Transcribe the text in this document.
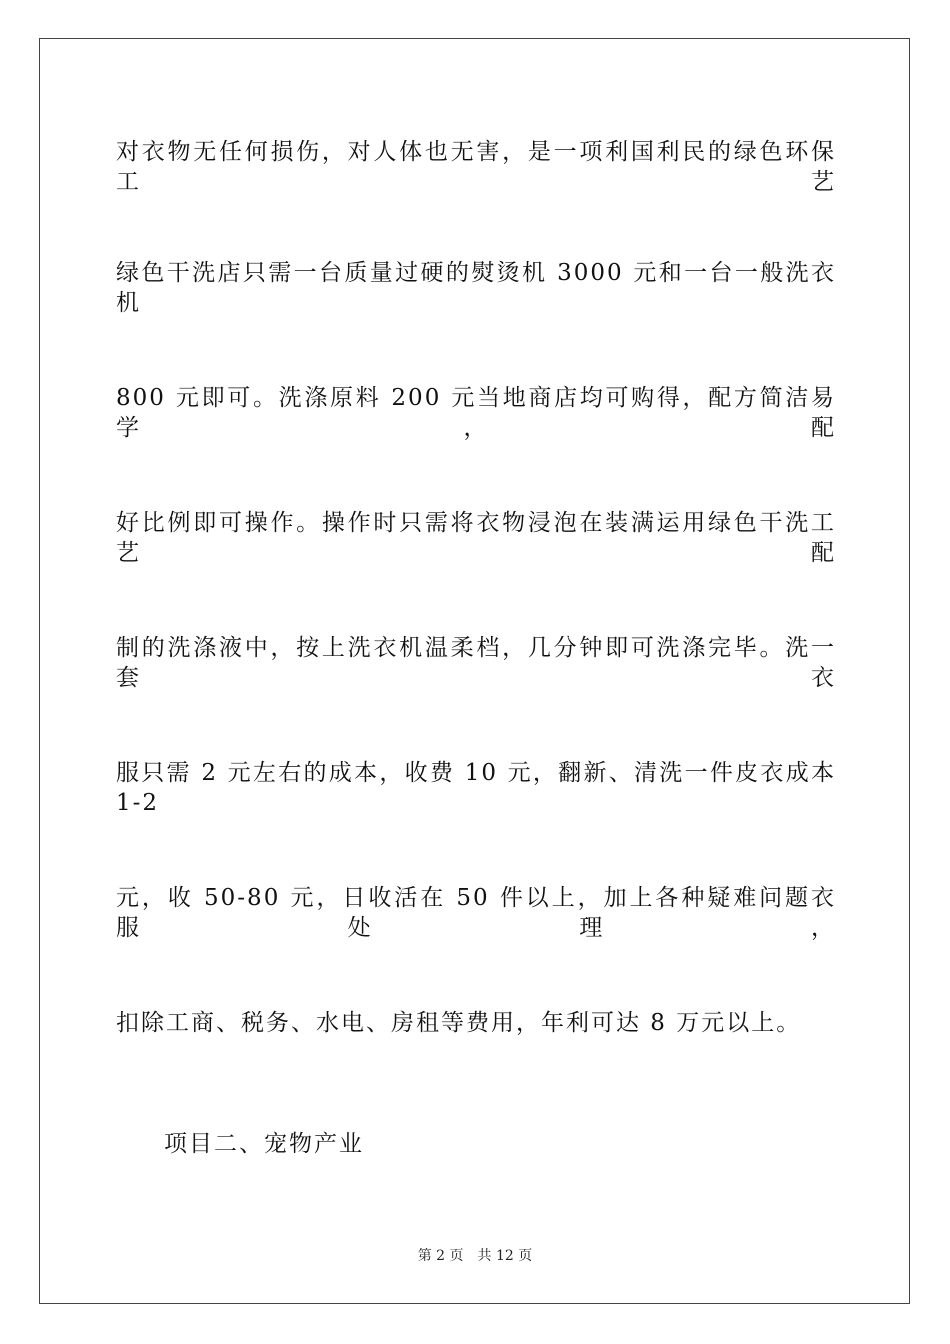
对衣物无任何损伤，对人体也无害，是一项利国利民的绿色环保工艺
绿色干洗店只需一台质量过硬的熨烫机 3000 元和一台一般洗衣机
800 元即可。洗涤原料 200 元当地商店均可购得，配方简洁易学，配
好比例即可操作。操作时只需将衣物浸泡在装满运用绿色干洗工艺配
制的洗涤液中，按上洗衣机温柔档，几分钟即可洗涤完毕。洗一套衣
服只需 2 元左右的成本，收费 10 元，翻新、清洗一件皮衣成本 1-2
元，收 50-80 元，日收活在 50 件以上，加上各种疑难问题衣服处理，
扣除工商、税务、水电、房租等费用，年利可达 8 万元以上。
项目二、宠物产业
第 2 页 共 12 页
